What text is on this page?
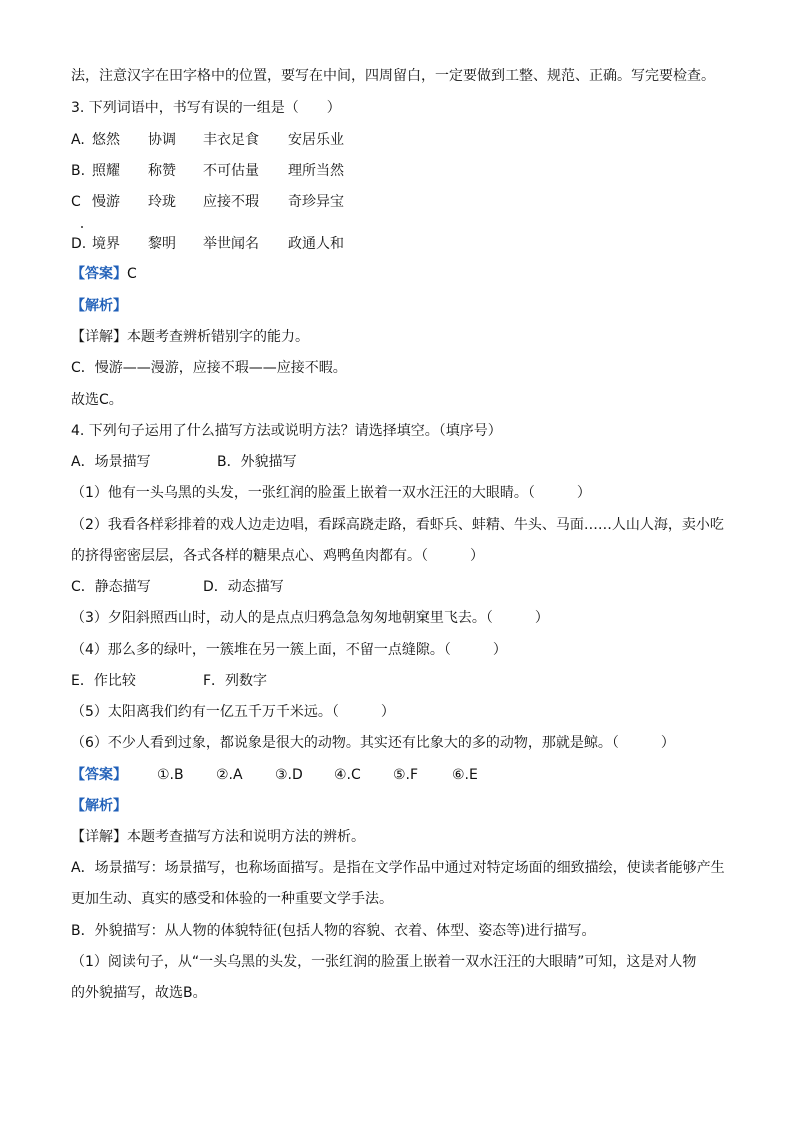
法，注意汉字在田字格中的位置，要写在中间，四周留白，一定要做到工整、规范、正确。写完要检查。
3. 下列词语中，书写有误的一组是（　　）
A. 悠然 协调 丰衣足食 安居乐业
B. 照耀 称赞 不可估量 理所当然
C 慢游 玲珑 应接不瑕 奇珍异宝
D. 境界 黎明 举世闻名 政通人和
【答案】C
【解析】
【详解】本题考查辨析错别字的能力。
C．慢游——漫游，应接不瑕——应接不暇。
故选C。
4. 下列句子运用了什么描写方法或说明方法？请选择填空。（填序号）
A．场景描写	B．外貌描写
（1）他有一头乌黑的头发，一张红润的脸蛋上嵌着一双水汪汪的大眼睛。（　　　）
（2）我看各样彩排着的戏人边走边唱，看踩高跷走路，看虾兵、蚌精、牛头、马面……人山人海，卖小吃
的挤得密密层层，各式各样的糖果点心、鸡鸭鱼肉都有。（　　　）
C．静态描写	D．动态描写
（3）夕阳斜照西山时，动人的是点点归鸦急急匆匆地朝窠里飞去。（　　　）
（4）那么多的绿叶，一簇堆在另一簇上面，不留一点缝隙。（　　　）
E．作比较	F．列数字
（5）太阳离我们约有一亿五千万千米远。（　　　）
（6）不少人看到过象，都说象是很大的动物。其实还有比象大的多的动物，那就是鲸。（　　　）
【答案】 ①.B ②.A ③.D ④.C ⑤.F ⑥.E
【解析】
【详解】本题考查描写方法和说明方法的辨析。
A．场景描写：场景描写，也称场面描写。是指在文学作品中通过对特定场面的细致描绘，使读者能够产生
更加生动、真实的感受和体验的一种重要文学手法。
B．外貌描写：从人物的体貌特征(包括人物的容貌、衣着、体型、姿态等)进行描写。
（1）阅读句子，从“一头乌黑的头发，一张红润的脸蛋上嵌着一双水汪汪的大眼睛”可知，这是对人物
的外貌描写，故选B。
